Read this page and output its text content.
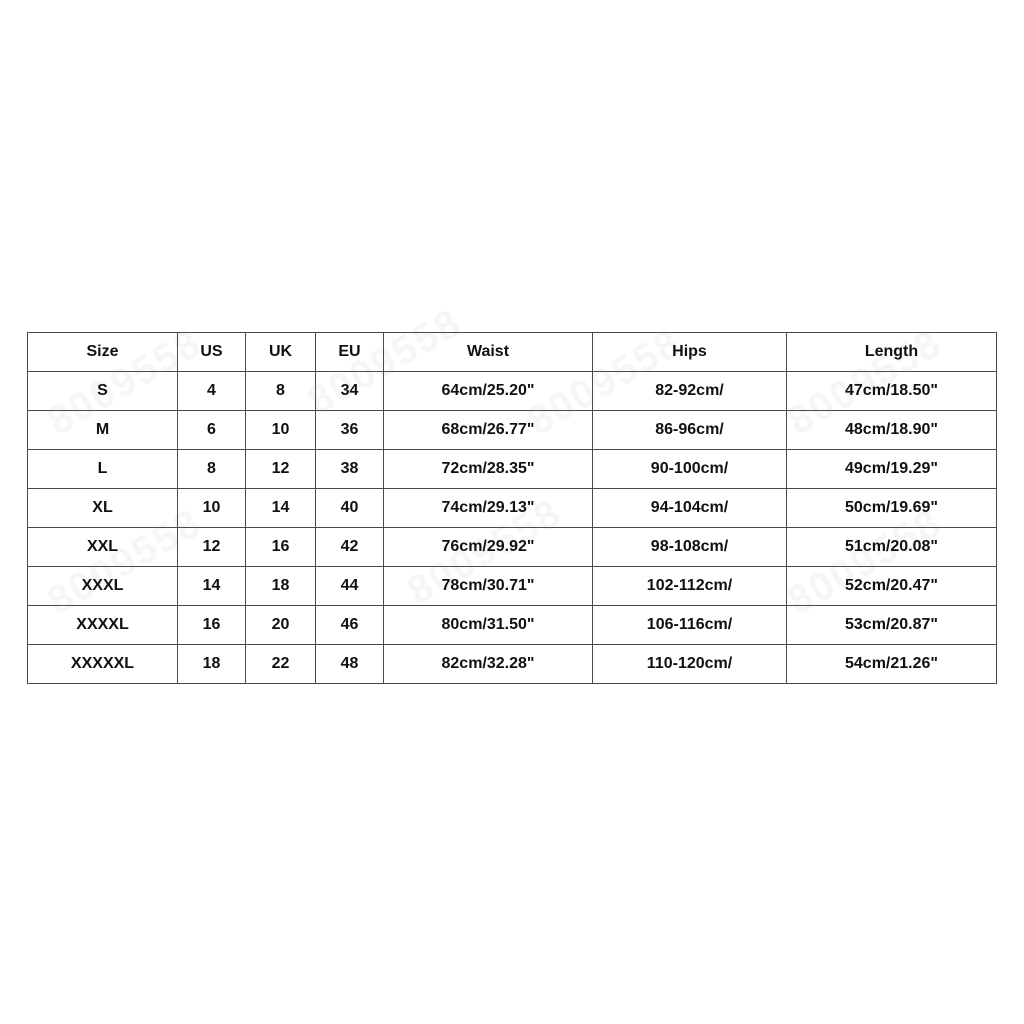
Size	US	UK	EU	Waist	Hips	Length
S	4	8	34	64cm/25.20"	82-92cm/	47cm/18.50"
M	6	10	36	68cm/26.77"	86-96cm/	48cm/18.90"
L	8	12	38	72cm/28.35"	90-100cm/	49cm/19.29"
XL	10	14	40	74cm/29.13"	94-104cm/	50cm/19.69"
XXL	12	16	42	76cm/29.92"	98-108cm/	51cm/20.08"
XXXL	14	18	44	78cm/30.71"	102-112cm/	52cm/20.47"
XXXXL	16	20	46	80cm/31.50"	106-116cm/	53cm/20.87"
XXXXXL	18	22	48	82cm/32.28"	110-120cm/	54cm/21.26"
